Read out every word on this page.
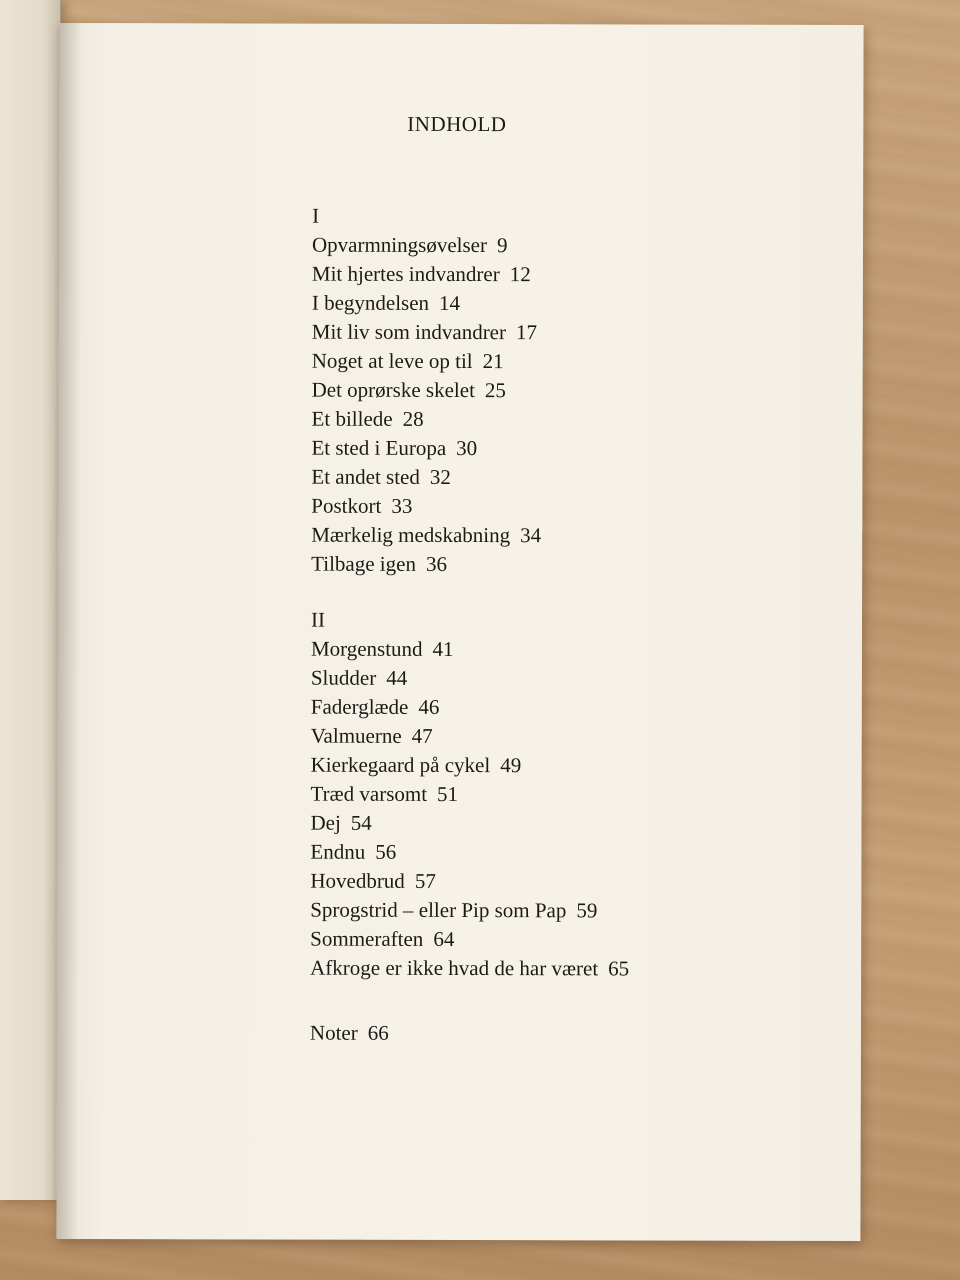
INDHOLD
I
Opvarmningsøvelser 9
Mit hjertes indvandrer 12
I begyndelsen 14
Mit liv som indvandrer 17
Noget at leve op til 21
Det oprørske skelet 25
Et billede 28
Et sted i Europa 30
Et andet sted 32
Postkort 33
Mærkelig medskabning 34
Tilbage igen 36
II
Morgenstund 41
Sludder 44
Faderglæde 46
Valmuerne 47
Kierkegaard på cykel 49
Træd varsomt 51
Dej 54
Endnu 56
Hovedbrud 57
Sprogstrid – eller Pip som Pap 59
Sommeraften 64
Afkroge er ikke hvad de har været 65
Noter 66
